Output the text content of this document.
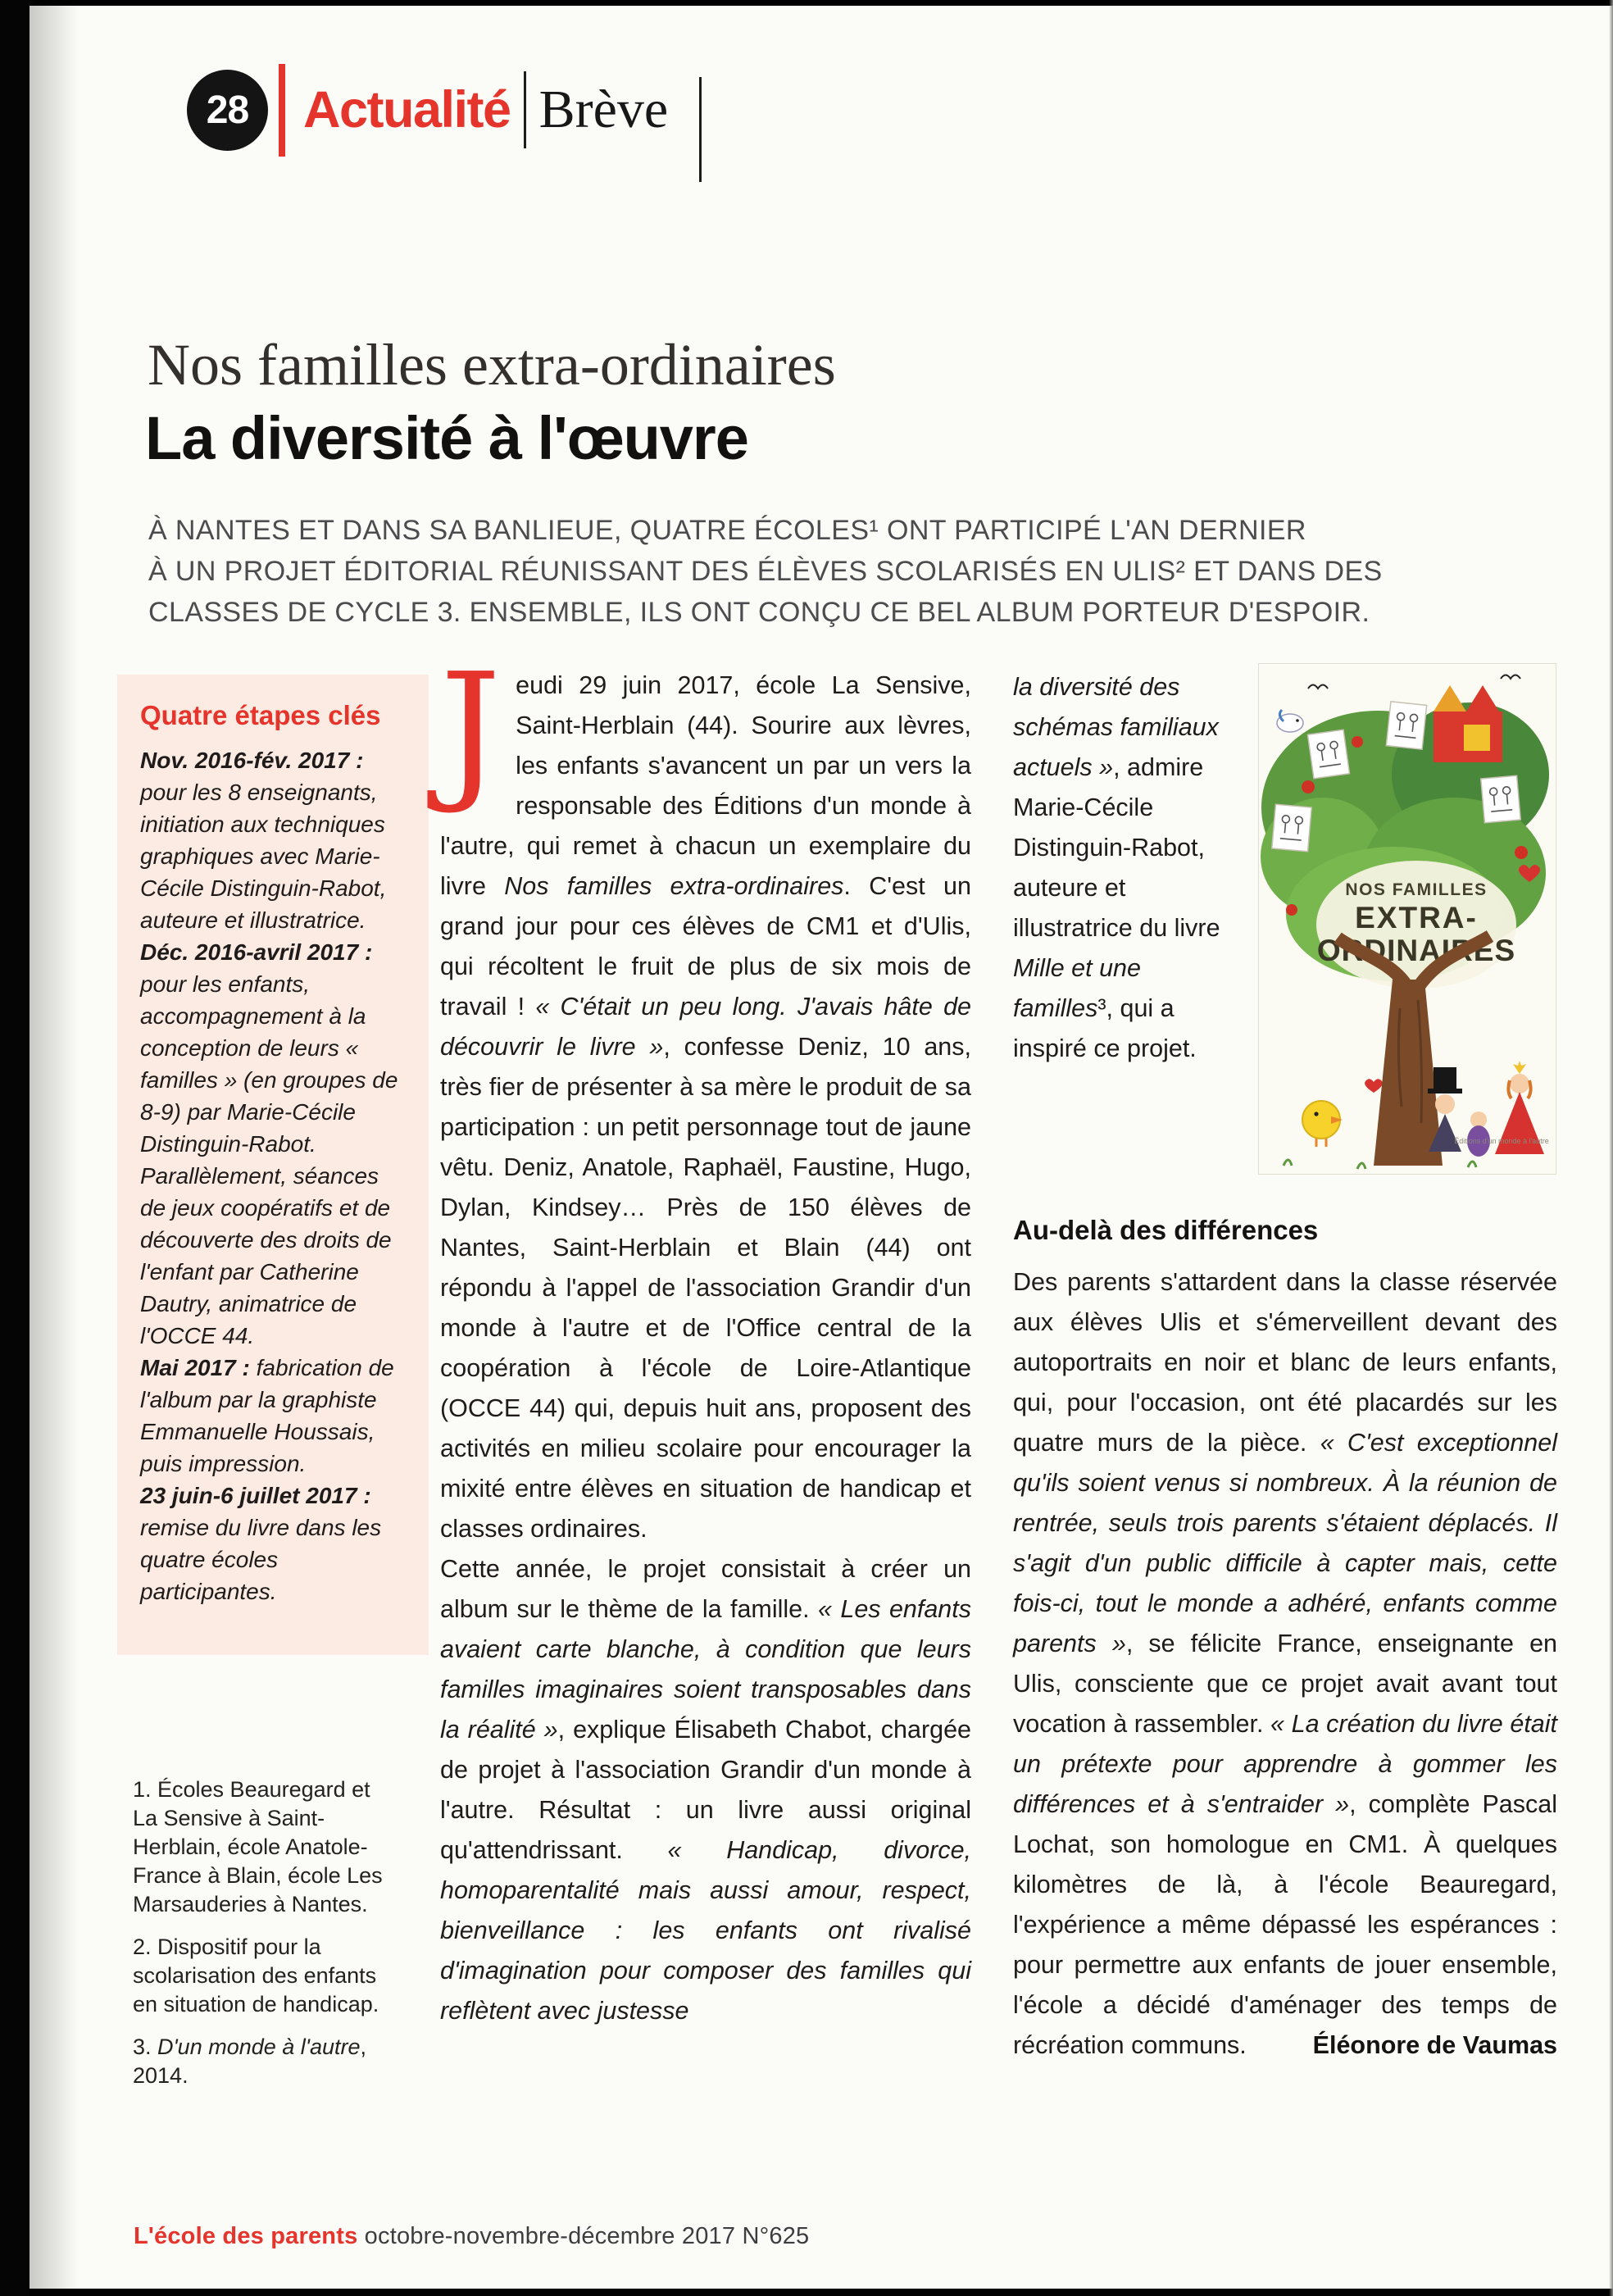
28	Actualité Brève
Nos familles extra-ordinaires
La diversité à l'œuvre
À NANTES ET DANS SA BANLIEUE, QUATRE ÉCOLES¹ ONT PARTICIPÉ L'AN DERNIER
À UN PROJET ÉDITORIAL RÉUNISSANT DES ÉLÈVES SCOLARISÉS EN ULIS² ET DANS DES
CLASSES DE CYCLE 3. ENSEMBLE, ILS ONT CONÇU CE BEL ALBUM PORTEUR D'ESPOIR.
Quatre étapes clés

Nov. 2016-fév. 2017 : pour les 8 enseignants, initiation aux techniques graphiques avec Marie-Cécile Distinguin-Rabot, auteure et illustratrice.

Déc. 2016-avril 2017 : pour les enfants, accompagnement à la conception de leurs « familles » (en groupes de 8-9) par Marie-Cécile Distinguin-Rabot. Parallèlement, séances de jeux coopératifs et de découverte des droits de l'enfant par Catherine Dautry, animatrice de l'OCCE 44.

Mai 2017 : fabrication de l'album par la graphiste Emmanuelle Houssais, puis impression.

23 juin-6 juillet 2017 : remise du livre dans les quatre écoles participantes.

1. Écoles Beauregard et La Sensive à Saint-Herblain, école Anatole-France à Blain, école Les Marsauderies à Nantes.

2. Dispositif pour la scolarisation des enfants en situation de handicap.

3. D'un monde à l'autre, 2014.

Jeudi 29 juin 2017, école La Sensive, Saint-Herblain (44). Sourire aux lèvres, les enfants s'avancent un par un vers la responsable des Éditions d'un monde à l'autre, qui remet à chacun un exemplaire du livre Nos familles extra-ordinaires. C'est un grand jour pour ces élèves de CM1 et d'Ulis, qui récoltent le fruit de plus de six mois de travail ! « C'était un peu long. J'avais hâte de découvrir le livre », confesse Deniz, 10 ans, très fier de présenter à sa mère le produit de sa participation : un petit personnage tout de jaune vêtu. Deniz, Anatole, Raphaël, Faustine, Hugo, Dylan, Kindsey… Près de 150 élèves de Nantes, Saint-Herblain et Blain (44) ont répondu à l'appel de l'association Grandir d'un monde à l'autre et de l'Office central de la coopération à l'école de Loire-Atlantique (OCCE 44) qui, depuis huit ans, proposent des activités en milieu scolaire pour encourager la mixité entre élèves en situation de handicap et classes ordinaires.

Cette année, le projet consistait à créer un album sur le thème de la famille. « Les enfants avaient carte blanche, à condition que leurs familles imaginaires soient transposables dans la réalité », explique Élisabeth Chabot, chargée de projet à l'association Grandir d'un monde à l'autre. Résultat : un livre aussi original qu'attendrissant. « Handicap, divorce, homoparentalité mais aussi amour, respect, bienveillance : les enfants ont rivalisé d'imagination pour composer des familles qui reflètent avec justesse

la diversité des schémas familiaux actuels », admire Marie-Cécile Distinguin-Rabot, auteure et illustratrice du livre Mille et une familles³, qui a inspiré ce projet.
NOS FAMILLES
EXTRA-
ORDINAIRES
Éditions d'un monde à l'autre
Au-delà des différences

Des parents s'attardent dans la classe réservée aux élèves Ulis et s'émerveillent devant des autoportraits en noir et blanc de leurs enfants, qui, pour l'occasion, ont été placardés sur les quatre murs de la pièce. « C'est exceptionnel qu'ils soient venus si nombreux. À la réunion de rentrée, seuls trois parents s'étaient déplacés. Il s'agit d'un public difficile à capter mais, cette fois-ci, tout le monde a adhéré, enfants comme parents », se félicite France, enseignante en Ulis, consciente que ce projet avait avant tout vocation à rassembler. « La création du livre était un prétexte pour apprendre à gommer les différences et à s'entraider », complète Pascal Lochat, son homologue en CM1. À quelques kilomètres de là, à l'école Beauregard, l'expérience a même dépassé les espérances : pour permettre aux enfants de jouer ensemble, l'école a décidé d'aménager des temps de récréation communs.	Éléonore de Vaumas
L'école des parents octobre-novembre-décembre 2017 N°625
